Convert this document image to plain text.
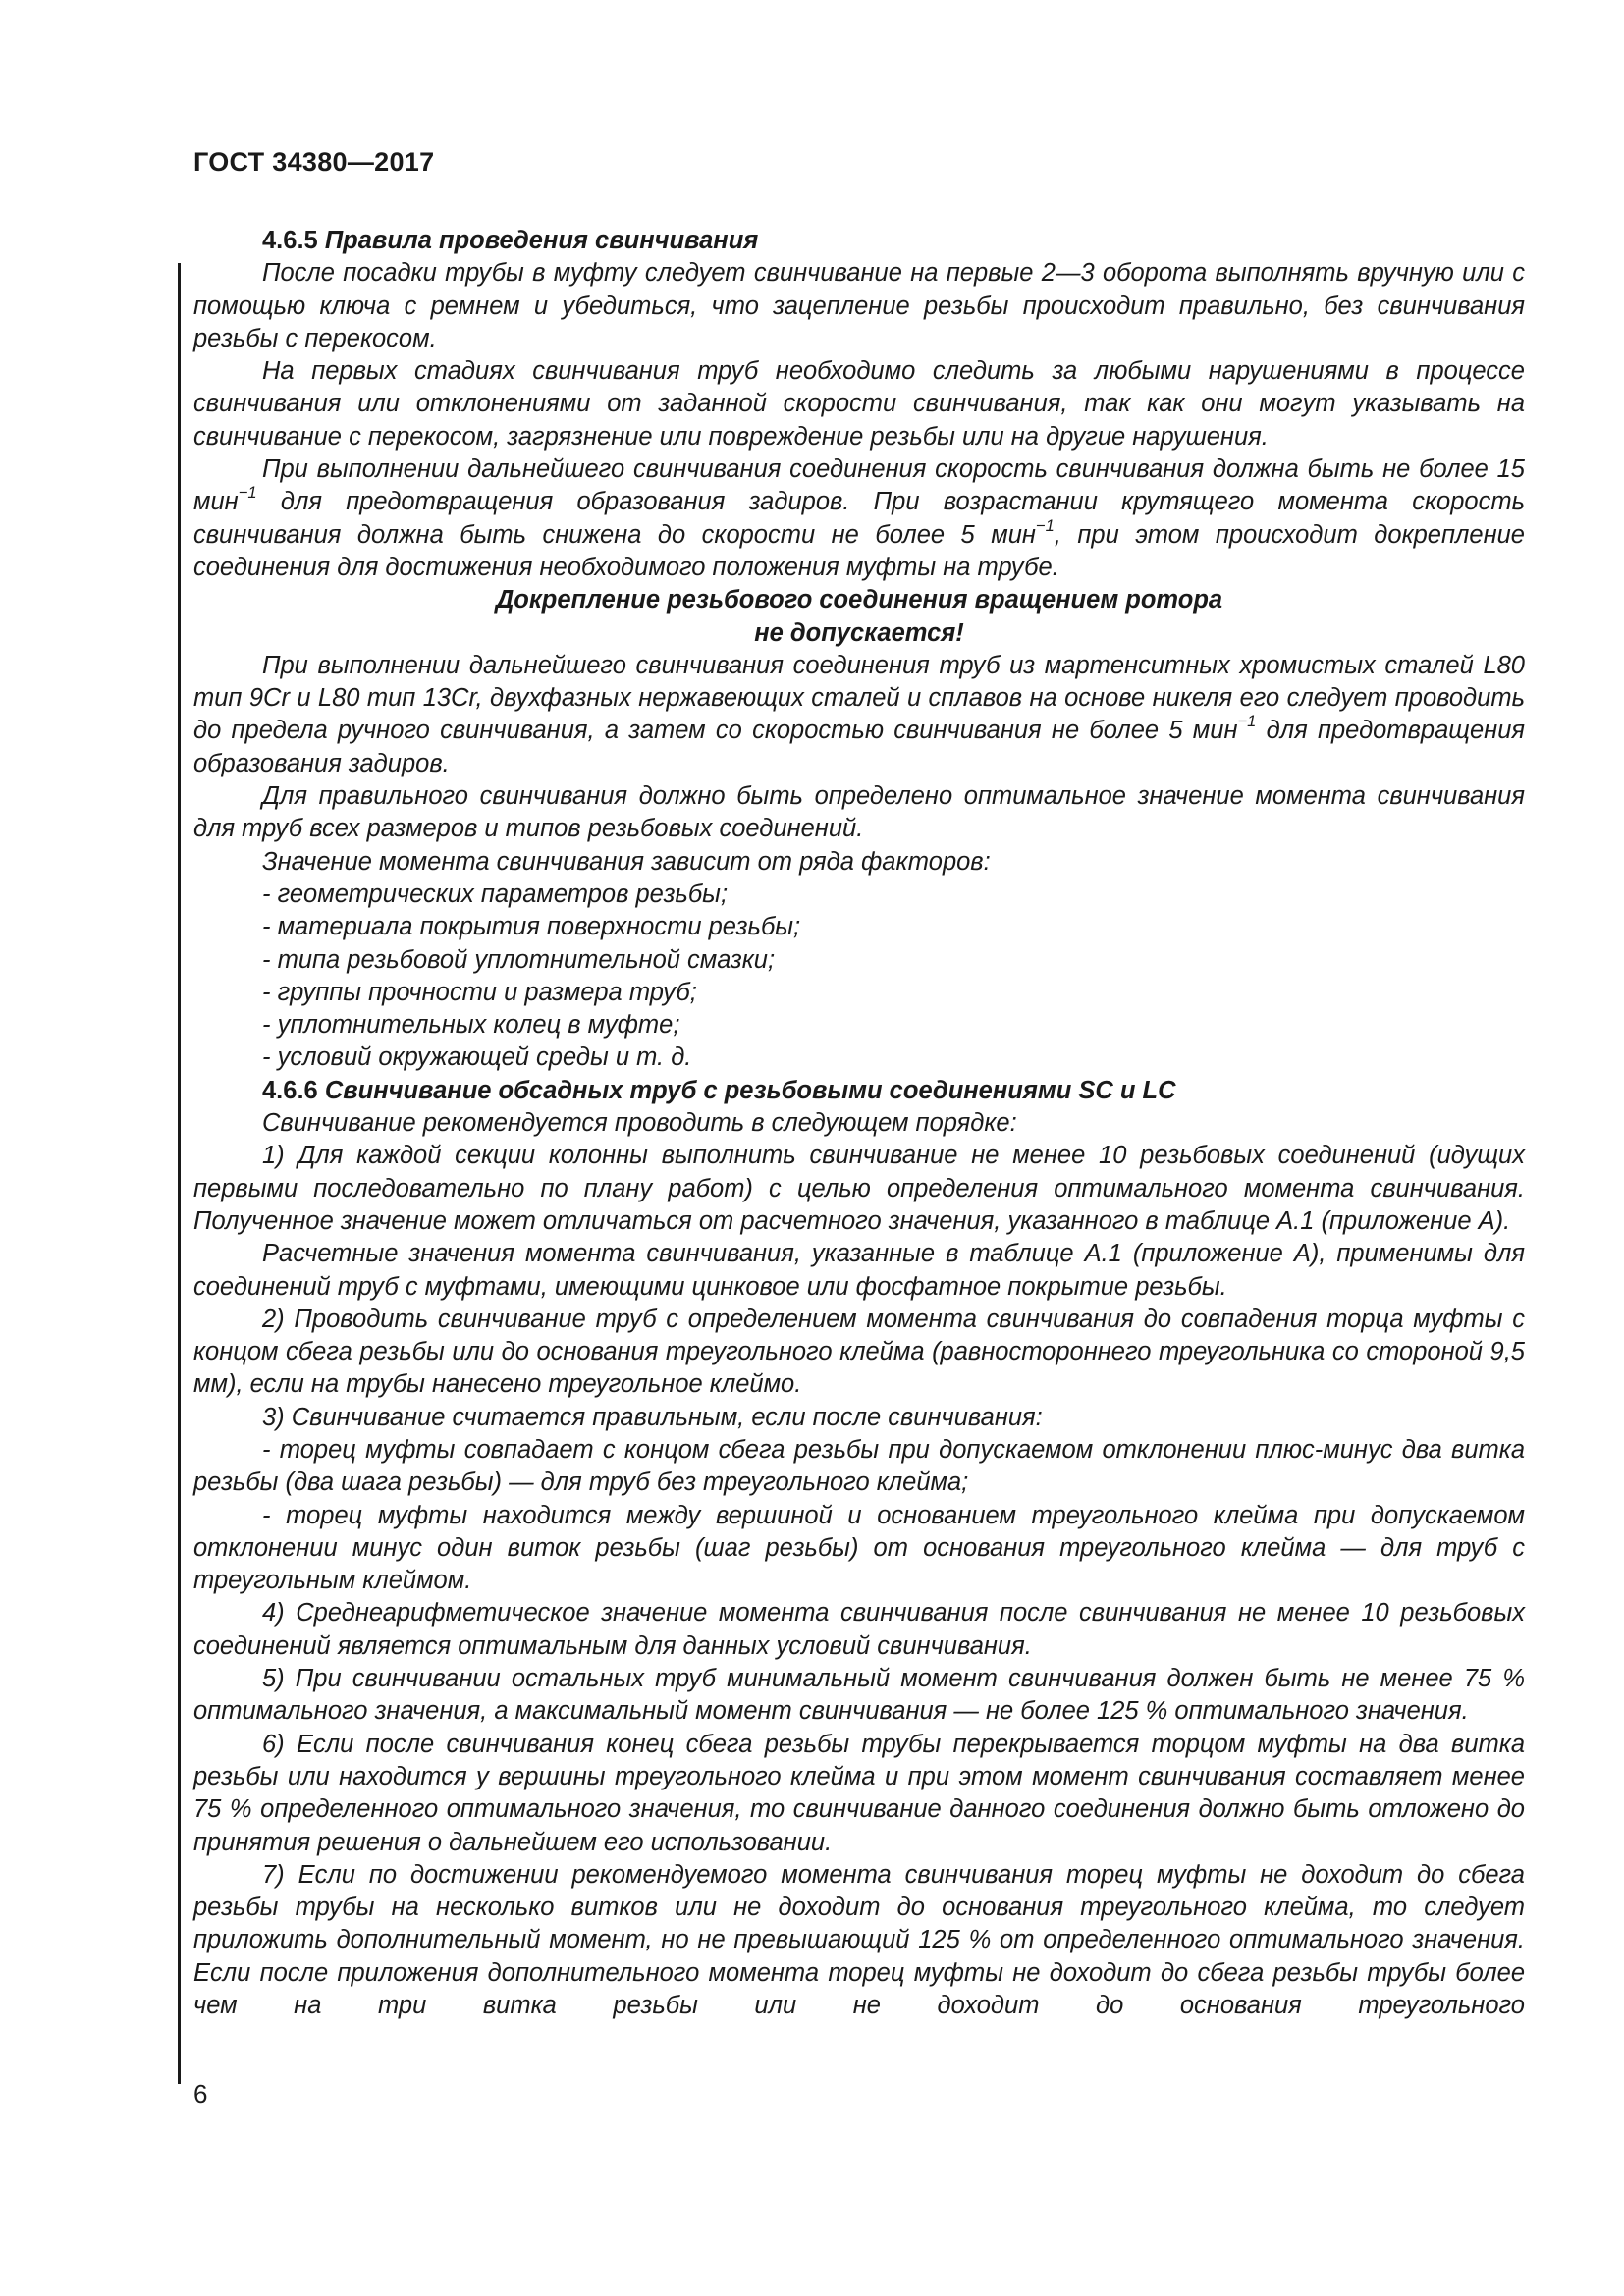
ГОСТ 34380—2017

4.6.5 Правила проведения свинчивания

После посадки трубы в муфту следует свинчивание на первые 2—3 оборота выполнять вручную или с помощью ключа с ремнем и убедиться, что зацепление резьбы происходит правильно, без свинчивания резьбы с перекосом.

На первых стадиях свинчивания труб необходимо следить за любыми нарушениями в процессе свинчивания или отклонениями от заданной скорости свинчивания, так как они могут указывать на свинчивание с перекосом, загрязнение или повреждение резьбы или на другие нарушения.

При выполнении дальнейшего свинчивания соединения скорость свинчивания должна быть не более 15 мин$^{-1}$ для предотвращения образования задиров. При возрастании крутящего момента скорость свинчивания должна быть снижена до скорости не более 5 мин$^{-1}$, при этом происходит докрепление соединения для достижения необходимого положения муфты на трубе.

Докрепление резьбового соединения вращением ротора

не допускается!

При выполнении дальнейшего свинчивания соединения труб из мартенситных хромистых сталей L80 тип 9Cr и L80 тип 13Cr, двухфазных нержавеющих сталей и сплавов на основе никеля его следует проводить до предела ручного свинчивания, а затем со скоростью свинчивания не более 5 мин$^{-1}$ для предотвращения образования задиров.

Для правильного свинчивания должно быть определено оптимальное значение момента свинчивания для труб всех размеров и типов резьбовых соединений.

Значение момента свинчивания зависит от ряда факторов:

- геометрических параметров резьбы;

- материала покрытия поверхности резьбы;

- типа резьбовой уплотнительной смазки;

- группы прочности и размера труб;

- уплотнительных колец в муфте;

- условий окружающей среды и т. д.

4.6.6 Свинчивание обсадных труб с резьбовыми соединениями SC и LC

Свинчивание рекомендуется проводить в следующем порядке:

1) Для каждой секции колонны выполнить свинчивание не менее 10 резьбовых соединений (идущих первыми последовательно по плану работ) с целью определения оптимального момента свинчивания. Полученное значение может отличаться от расчетного значения, указанного в таблице А.1 (приложение А).

Расчетные значения момента свинчивания, указанные в таблице А.1 (приложение А), применимы для соединений труб с муфтами, имеющими цинковое или фосфатное покрытие резьбы.

2) Проводить свинчивание труб с определением момента свинчивания до совпадения торца муфты с концом сбега резьбы или до основания треугольного клейма (равностороннего треугольника со стороной 9,5 мм), если на трубы нанесено треугольное клеймо.

3) Свинчивание считается правильным, если после свинчивания:

- торец муфты совпадает с концом сбега резьбы при допускаемом отклонении плюс-минус два витка резьбы (два шага резьбы) — для труб без треугольного клейма;

- торец муфты находится между вершиной и основанием треугольного клейма при допускаемом отклонении минус один виток резьбы (шаг резьбы) от основания треугольного клейма — для труб с треугольным клеймом.

4) Среднеарифметическое значение момента свинчивания после свинчивания не менее 10 резьбовых соединений является оптимальным для данных условий свинчивания.

5) При свинчивании остальных труб минимальный момент свинчивания должен быть не менее 75 % оптимального значения, а максимальный момент свинчивания — не более 125 % оптимального значения.

6) Если после свинчивания конец сбега резьбы трубы перекрывается торцом муфты на два витка резьбы или находится у вершины треугольного клейма и при этом момент свинчивания составляет менее 75 % определенного оптимального значения, то свинчивание данного соединения должно быть отложено до принятия решения о дальнейшем его использовании.

7) Если по достижении рекомендуемого момента свинчивания торец муфты не доходит до сбега резьбы трубы на несколько витков или не доходит до основания треугольного клейма, то следует приложить дополнительный момент, но не превышающий 125 % от определенного оптимального значения. Если после приложения дополнительного момента торец муфты не доходит до сбега резьбы трубы более чем на три витка резьбы или не доходит до основания треугольного

6
